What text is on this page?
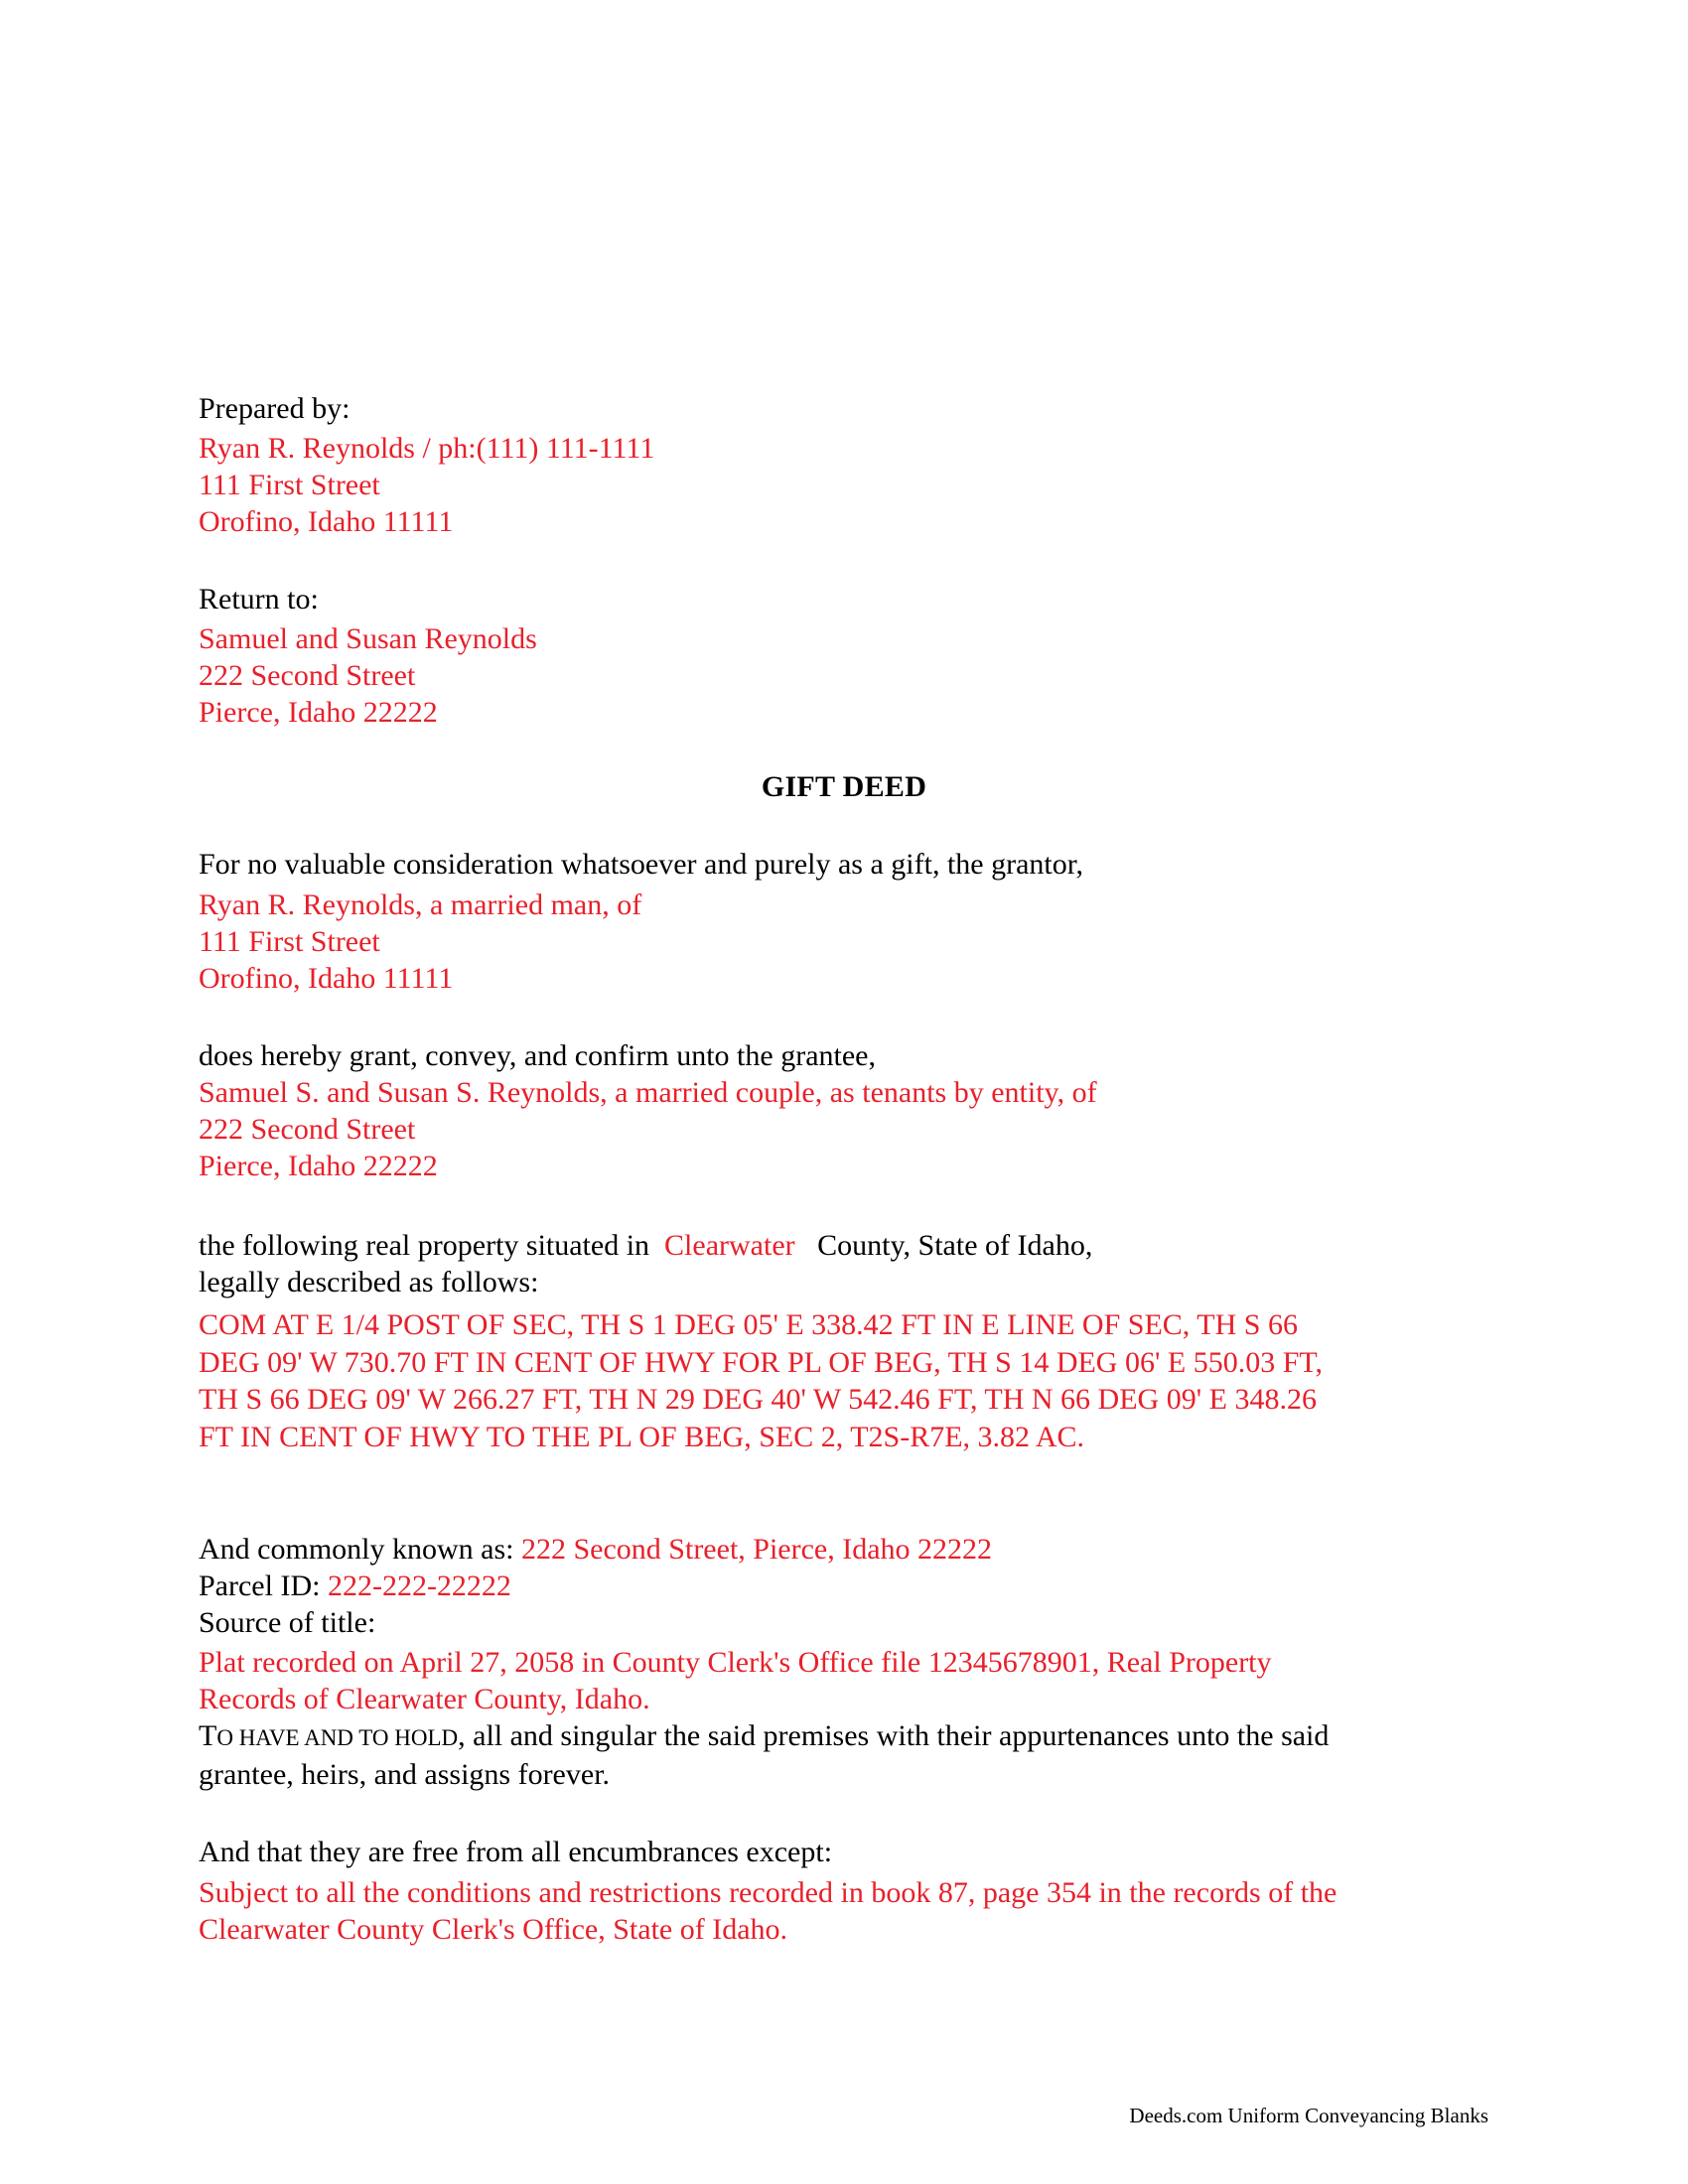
Prepared by:
Ryan R. Reynolds / ph:(111) 111-1111
111 First Street
Orofino, Idaho 11111
Return to:
Samuel and Susan Reynolds
222 Second Street
Pierce, Idaho 22222
GIFT DEED
For no valuable consideration whatsoever and purely as a gift, the grantor,
Ryan R. Reynolds, a married man, of
111 First Street
Orofino, Idaho 11111
does hereby grant, convey, and confirm unto the grantee,
Samuel S. and Susan S. Reynolds, a married couple, as tenants by entity, of
222 Second Street
Pierce, Idaho 22222
the following real property situated in Clearwater County, State of Idaho,
legally described as follows:
COM AT E 1/4 POST OF SEC, TH S 1 DEG 05' E 338.42 FT IN E LINE OF SEC, TH S 66
DEG 09' W 730.70 FT IN CENT OF HWY FOR PL OF BEG, TH S 14 DEG 06' E 550.03 FT,
TH S 66 DEG 09' W 266.27 FT, TH N 29 DEG 40' W 542.46 FT, TH N 66 DEG 09' E 348.26
FT IN CENT OF HWY TO THE PL OF BEG, SEC 2, T2S-R7E, 3.82 AC.
And commonly known as: 222 Second Street, Pierce, Idaho 22222
Parcel ID: 222-222-22222
Source of title:
Plat recorded on April 27, 2058 in County Clerk's Office file 12345678901, Real Property
Records of Clearwater County, Idaho.
TO HAVE AND TO HOLD, all and singular the said premises with their appurtenances unto the said
grantee, heirs, and assigns forever.
And that they are free from all encumbrances except:
Subject to all the conditions and restrictions recorded in book 87, page 354 in the records of the
Clearwater County Clerk's Office, State of Idaho.
Deeds.com Uniform Conveyancing Blanks
